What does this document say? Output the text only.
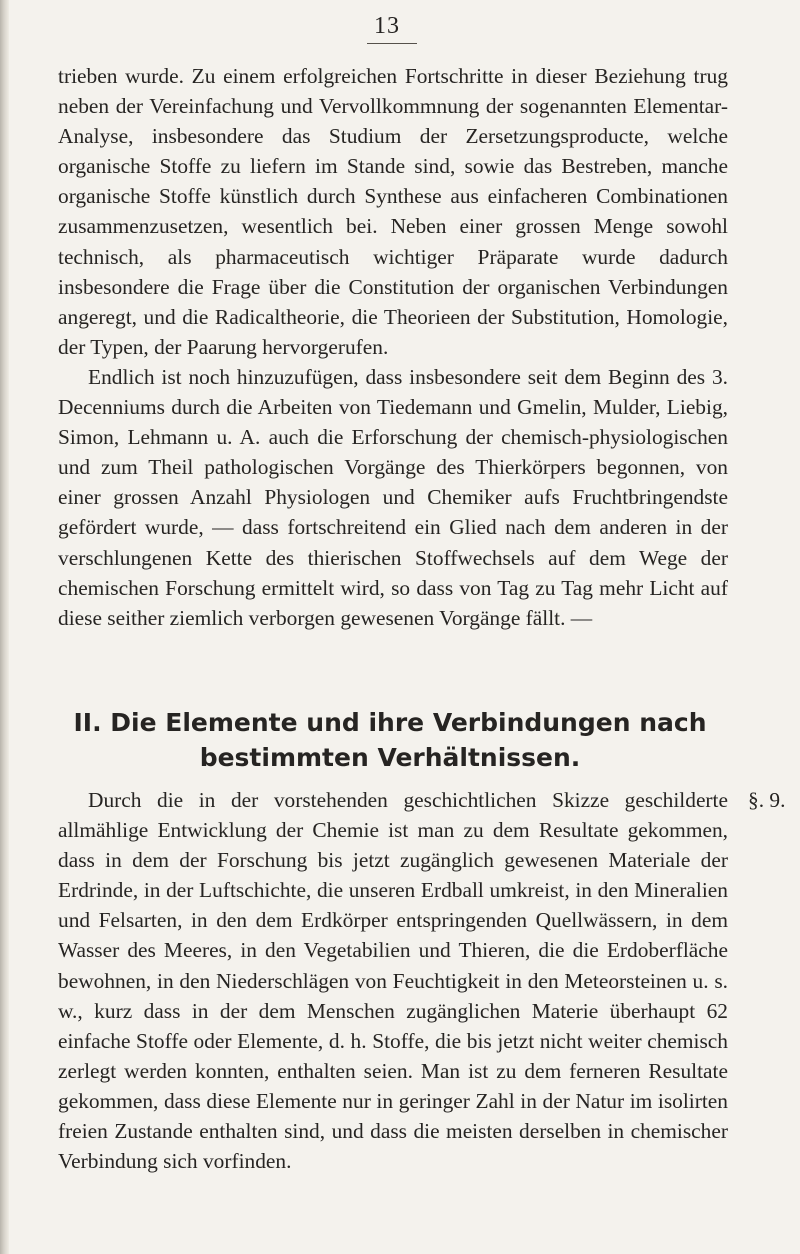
13

trieben wurde. Zu einem erfolgreichen Fortschritte in dieser Beziehung trug neben der Vereinfachung und Vervollkommnung der sogenannten Elementar-Analyse, insbesondere das Studium der Zersetzungsproducte, welche organische Stoffe zu liefern im Stande sind, sowie das Bestreben, manche organische Stoffe künstlich durch Synthese aus einfacheren Combinationen zusammenzusetzen, wesentlich bei. Neben einer grossen Menge sowohl technisch, als pharmaceutisch wichtiger Präparate wurde dadurch insbesondere die Frage über die Constitution der organischen Verbindungen angeregt, und die Radicaltheorie, die Theorieen der Substitution, Homologie, der Typen, der Paarung hervorgerufen.

Endlich ist noch hinzuzufügen, dass insbesondere seit dem Beginn des 3. Decenniums durch die Arbeiten von Tiedemann und Gmelin, Mulder, Liebig, Simon, Lehmann u. A. auch die Erforschung der chemisch-physiologischen und zum Theil pathologischen Vorgänge des Thierkörpers begonnen, von einer grossen Anzahl Physiologen und Chemiker aufs Fruchtbringendste gefördert wurde, — dass fortschreitend ein Glied nach dem anderen in der verschlungenen Kette des thierischen Stoffwechsels auf dem Wege der chemischen Forschung ermittelt wird, so dass von Tag zu Tag mehr Licht auf diese seither ziemlich verborgen gewesenen Vorgänge fällt. —

II. Die Elemente und ihre Verbindungen nach
bestimmten Verhältnissen.
§. 9.

Durch die in der vorstehenden geschichtlichen Skizze geschilderte allmählige Entwicklung der Chemie ist man zu dem Resultate gekommen, dass in dem der Forschung bis jetzt zugänglich gewesenen Materiale der Erdrinde, in der Luftschichte, die unseren Erdball umkreist, in den Mineralien und Felsarten, in den dem Erdkörper entspringenden Quellwässern, in dem Wasser des Meeres, in den Vegetabilien und Thieren, die die Erdoberfläche bewohnen, in den Niederschlägen von Feuchtigkeit in den Meteorsteinen u. s. w., kurz dass in der dem Menschen zugänglichen Materie überhaupt 62 einfache Stoffe oder Elemente, d. h. Stoffe, die bis jetzt nicht weiter chemisch zerlegt werden konnten, enthalten seien. Man ist zu dem ferneren Resultate gekommen, dass diese Elemente nur in geringer Zahl in der Natur im isolirten freien Zustande enthalten sind, und dass die meisten derselben in chemischer Verbindung sich vorfinden.
